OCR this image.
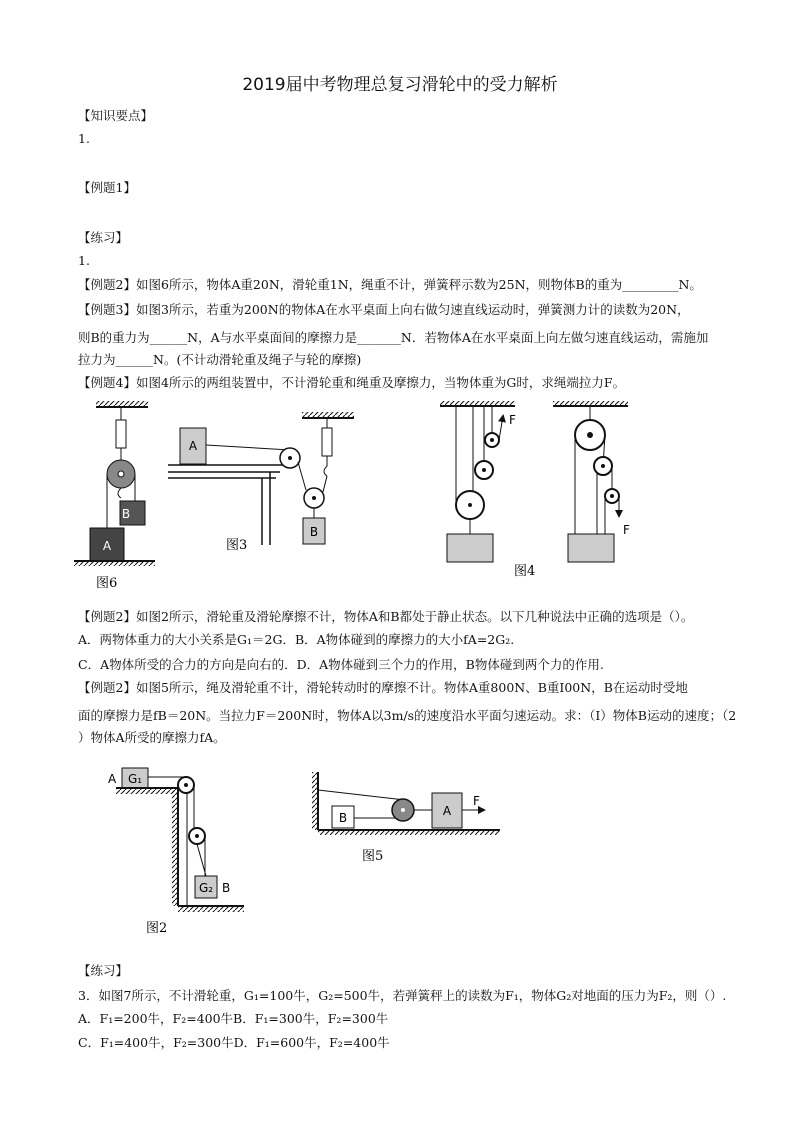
2019届中考物理总复习滑轮中的受力解析
【知识要点】
1.
【例题1】
【练习】
1.
【例题2】如图6所示，物体A重20N，滑轮重1N，绳重不计，弹簧秤示数为25N，则物体B的重为_________N。
【例题3】如图3所示，若重为200N的物体A在水平桌面上向右做匀速直线运动时，弹簧测力计的读数为20N，
则B的重力为______N，A与水平桌面间的摩擦力是_______N．若物体A在水平桌面上向左做匀速直线运动，需施加
拉力为______N。(不计动滑轮重及绳子与轮的摩擦)
【例题4】如图4所示的两组装置中，不计滑轮重和绳重及摩擦力，当物体重为G时，求绳端拉力F。
B
A
图6
A
B
图3
F
F
图4
A G₁
G₂ B
图2
B	A
F
图5
【例题2】如图2所示，滑轮重及滑轮摩擦不计，物体A和B都处于静止状态。以下几种说法中正确的选项是（）。
A．两物体重力的大小关系是G₁＝2G．B．A物体碰到的摩擦力的大小fA=2G₂.
C．A物体所受的合力的方向是向右的．D．A物体碰到三个力的作用，B物体碰到两个力的作用.
【例题2】如图5所示，绳及滑轮重不计，滑轮转动时的摩擦不计。物体A重800N、B重I00N，B在运动时受地
面的摩擦力是fB＝20N。当拉力F＝200N时，物体A以3m/s的速度沿水平面匀速运动。求：（I）物体B运动的速度；（2
）物体A所受的摩擦力fA。
【练习】
3．如图7所示，不计滑轮重，G₁=100牛，G₂=500牛，若弹簧秤上的读数为F₁，物体G₂对地面的压力为F₂，则（）.
A．F₁=200牛，F₂=400牛B．F₁=300牛，F₂=300牛
C．F₁=400牛，F₂=300牛D．F₁=600牛，F₂=400牛
